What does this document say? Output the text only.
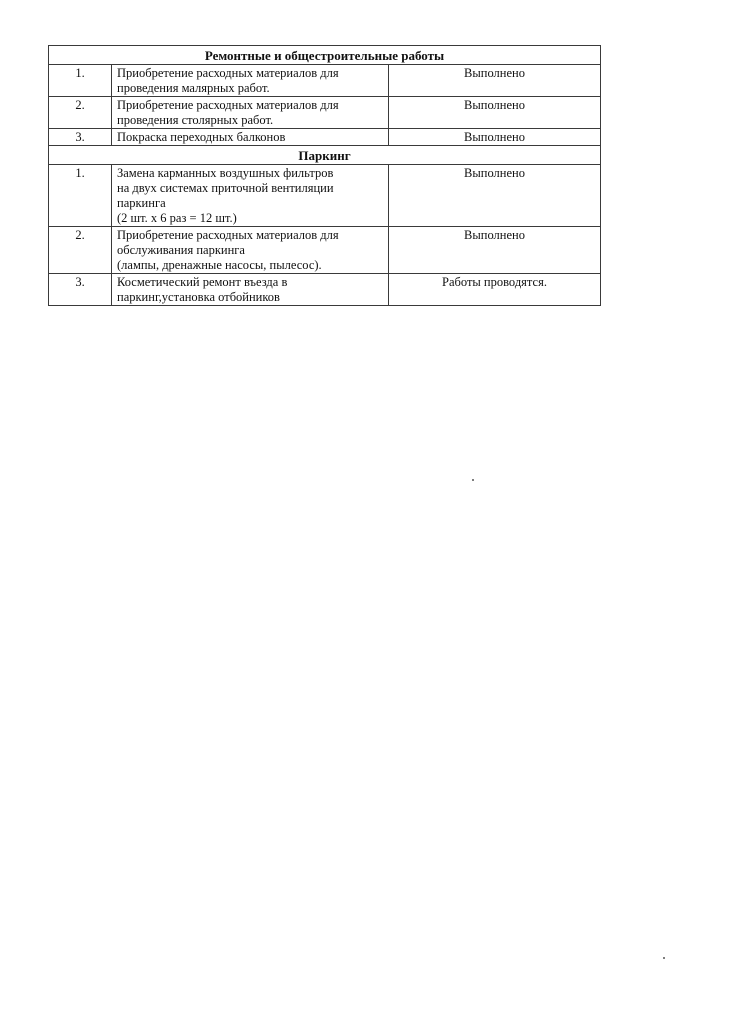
Ремонтные и общестроительные работы		
1.	Приобретение расходных материалов для
проведения малярных работ.	Выполнено
2.	Приобретение расходных материалов для
проведения столярных работ.	Выполнено
3.	Покраска переходных балконов	Выполнено
Паркинг		
1.	Замена карманных воздушных фильтров
на двух системах приточной вентиляции
паркинга
(2 шт. х 6 раз = 12 шт.)	Выполнено
2.	Приобретение расходных материалов для
обслуживания паркинга
(лампы, дренажные насосы, пылесос).	Выполнено
3.	Косметический ремонт въезда в
паркинг,установка отбойников	Работы проводятся.
